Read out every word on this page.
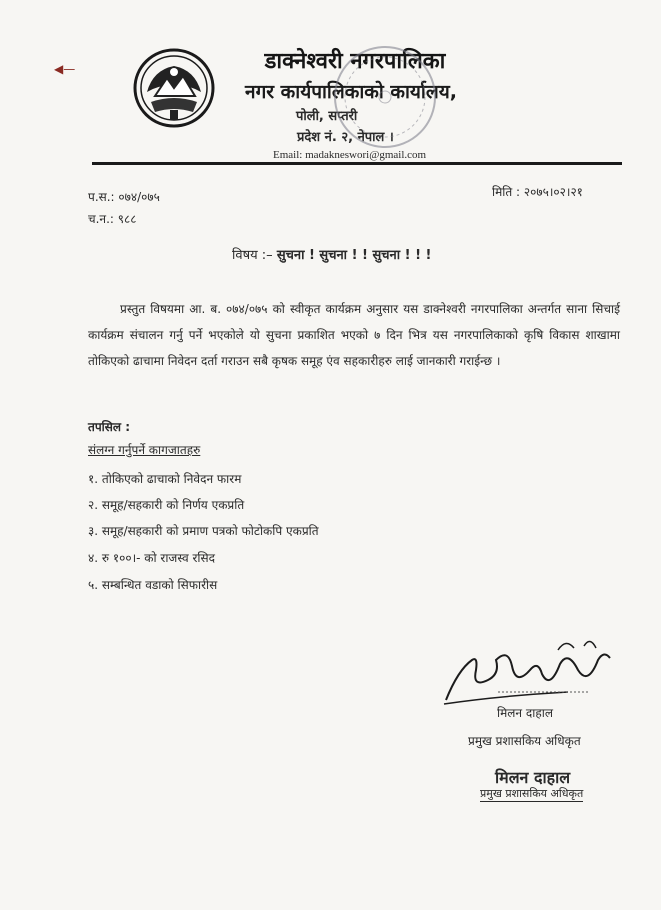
◀—	डाक्नेश्वरी नगरपालिका
नगर कार्यपालिकाको कार्यालय,
पोली, सप्तरी
प्रदेश नं. २, नेपाल ।
Email: madakneswori@gmail.com
प.स.: ०७४/०७५
च.न.: ९८८
मिति : २०७५।०२।२१
विषय :– सुचना ! सुचना ! ! सुचना ! ! !
प्रस्तुत विषयमा आ. ब. ०७४/०७५ को स्वीकृत कार्यक्रम अनुसार यस डाक्नेश्वरी नगरपालिका अन्तर्गत साना सिचाई कार्यक्रम संचालन गर्नु पर्ने भएकोले यो सुचना प्रकाशित भएको ७ दिन भित्र यस नगरपालिकाको कृषि विकास शाखामा तोकिएको ढाचामा निवेदन दर्ता गराउन सबै कृषक समूह एंव सहकारीहरु लाई जानकारी गराईन्छ ।
तपसिल :
संलग्न गर्नुपर्ने कागजातहरु
१. तोकिएको ढाचाको निवेदन फारम
२. समूह/सहकारी को निर्णय एकप्रति
३. समूह/सहकारी को प्रमाण पत्रको फोटोकपि एकप्रति
४. रु १००।- को राजस्व रसिद
५. सम्बन्धित वडाको सिफारीस
मिलन दाहाल
प्रमुख प्रशासकिय अधिकृत
मिलन दाहाल
प्रमुख प्रशासकिय अधिकृत
